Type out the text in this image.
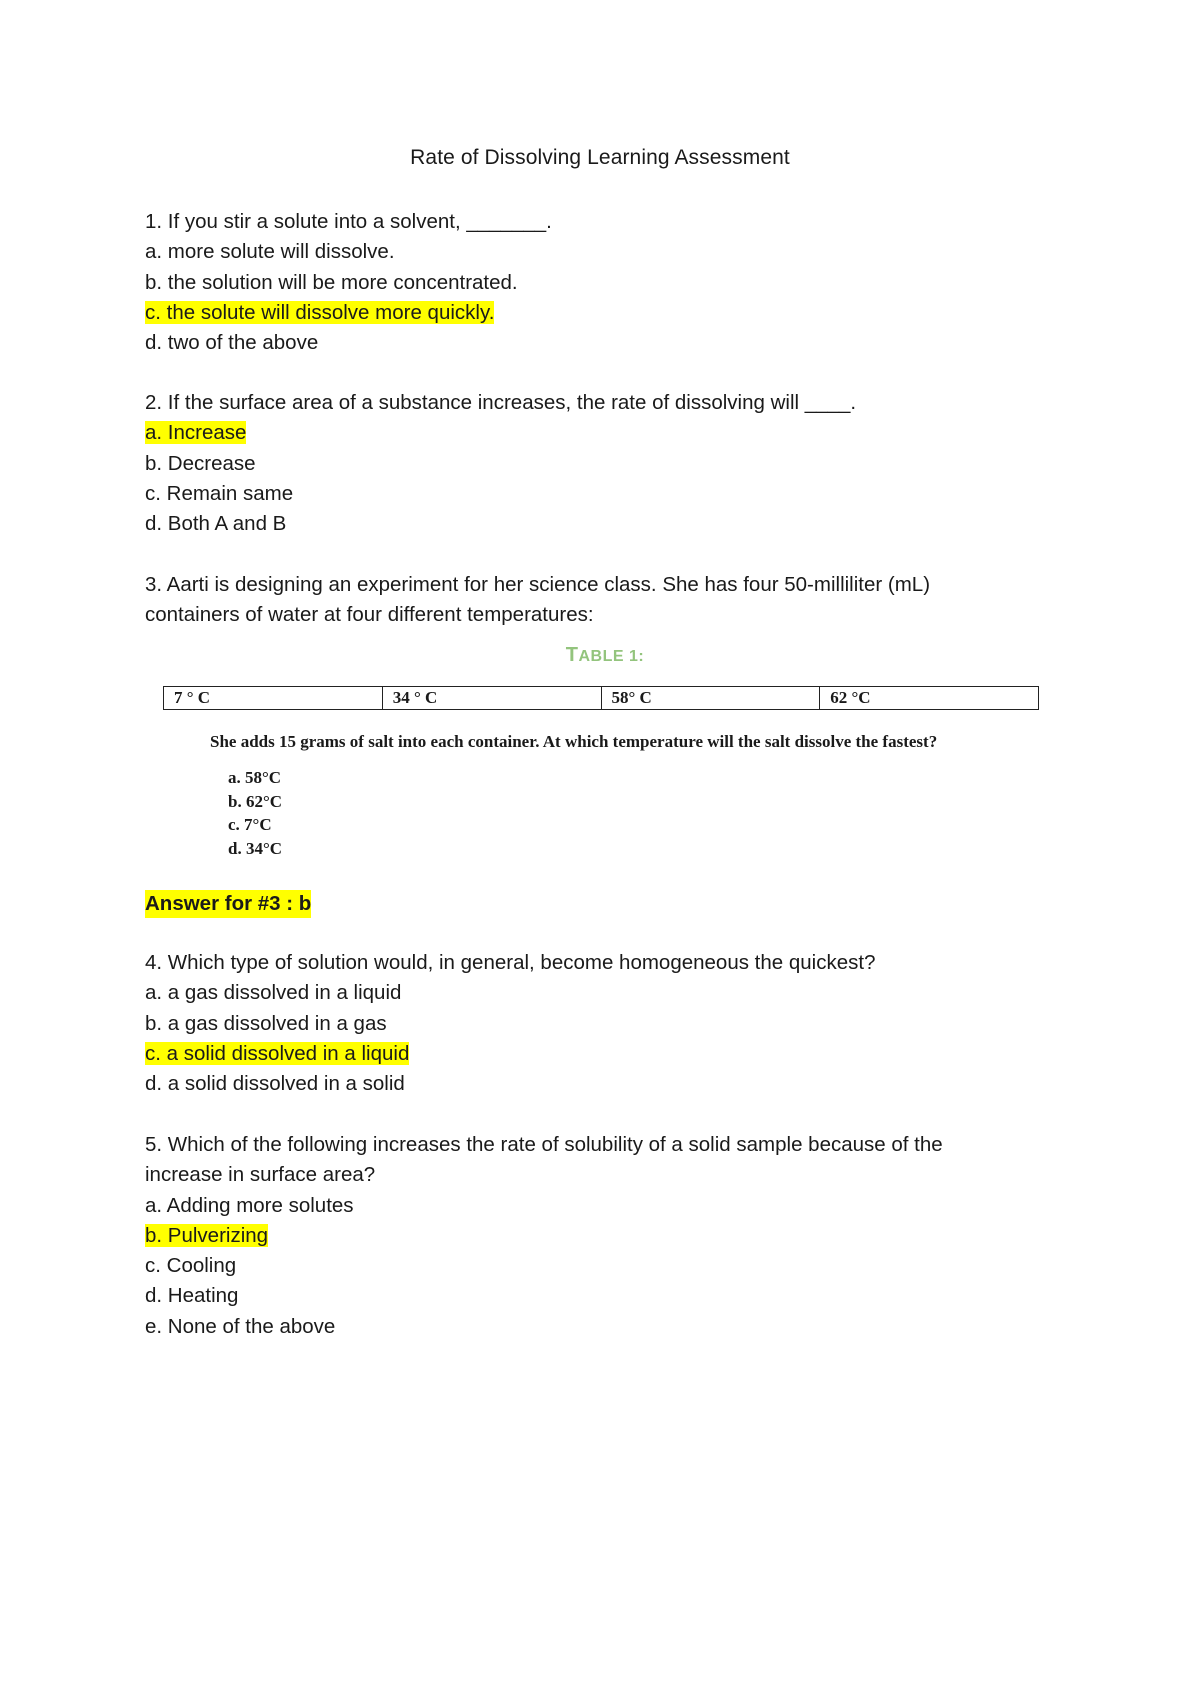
Rate of Dissolving Learning Assessment
1. If you stir a solute into a solvent, _______.
a. more solute will dissolve.
b. the solution will be more concentrated.
c. the solute will dissolve more quickly.
d. two of the above
2. If the surface area of a substance increases, the rate of dissolving will ____.
a. Increase
b. Decrease
c. Remain same
d. Both A and B
3. Aarti is designing an experiment for her science class. She has four 50-milliliter (mL)
containers of water at four different temperatures:
TABLE 1:
7 ° C	34 ° C	58° C	62 °C
She adds 15 grams of salt into each container. At which temperature will the salt dissolve the fastest?
a. 58°C
b. 62°C
c. 7°C
d. 34°C
Answer for #3 : b
4. Which type of solution would, in general, become homogeneous the quickest?
a. a gas dissolved in a liquid
b. a gas dissolved in a gas
c. a solid dissolved in a liquid
d. a solid dissolved in a solid
5. Which of the following increases the rate of solubility of a solid sample because of the
increase in surface area?
a. Adding more solutes
b. Pulverizing
c. Cooling
d. Heating
e. None of the above
